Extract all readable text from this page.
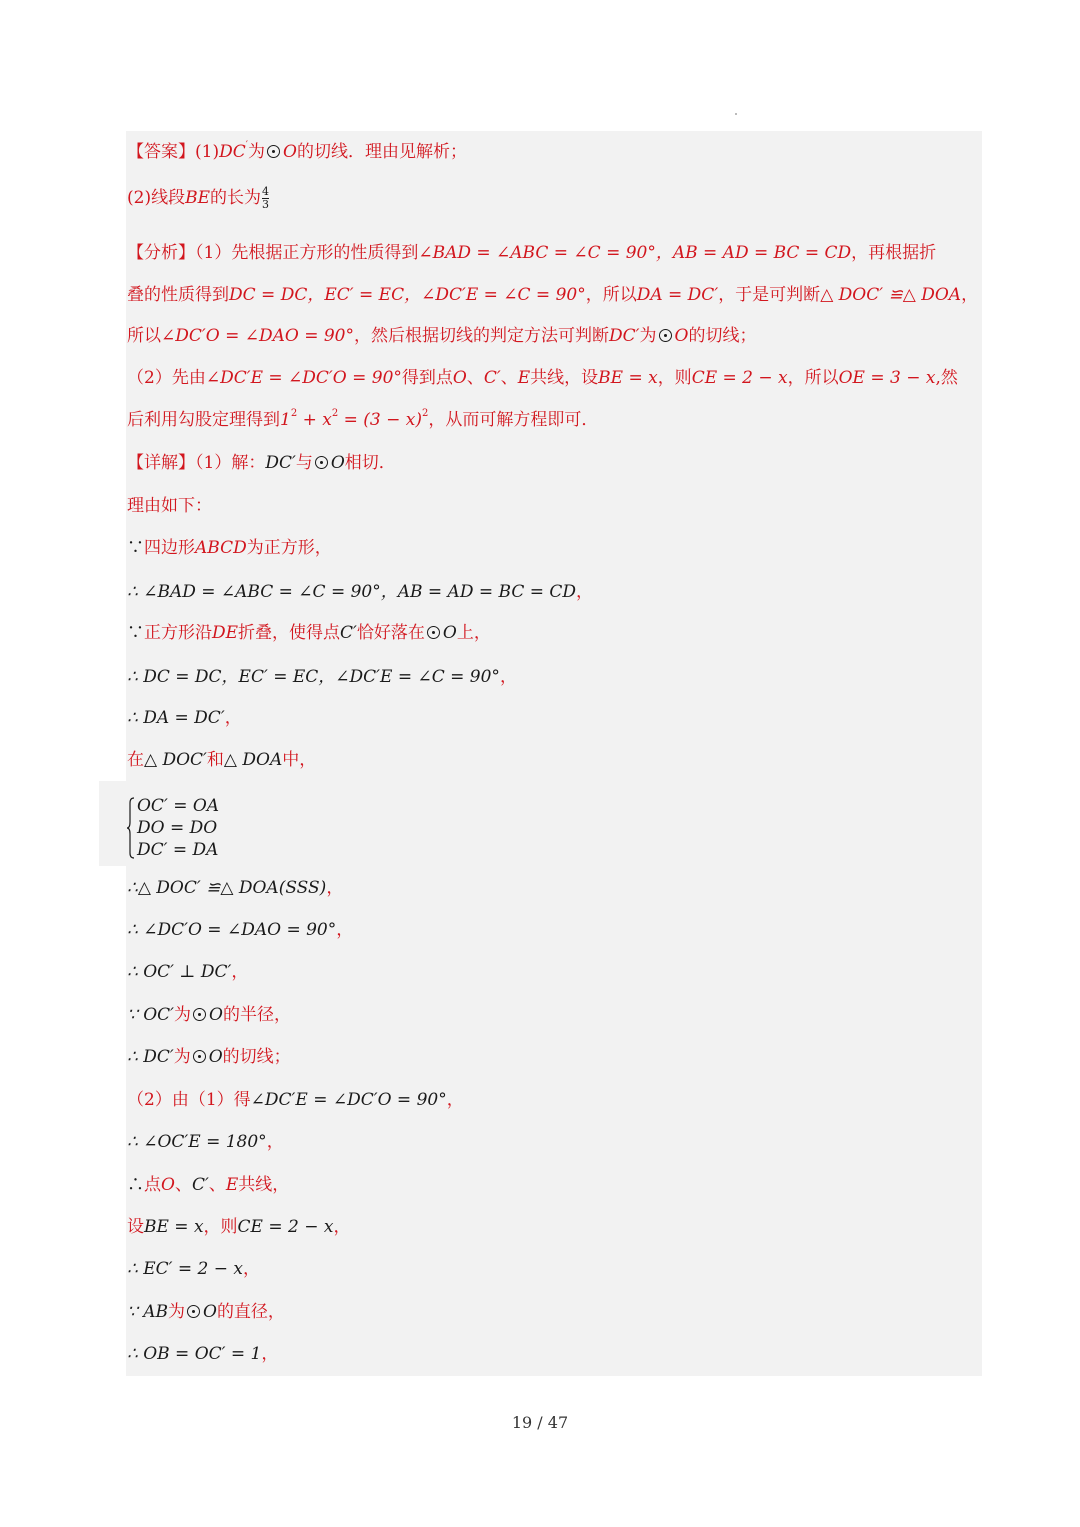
【答案】(1)DC′为 O的切线．理由见解析；
(2)线段BE的长为 $\frac{4}{3}$
【分析】（1）先根据正方形的性质得到∠BAD = ∠ABC = ∠C = 90°，AB = AD = BC = CD，再根据折
叠的性质得到DC = DC，EC′ = EC，∠DC′E = ∠C = 90°，所以DA = DC′，于是可判断△ DOC′ ≌△ DOA，
所以∠DC′O = ∠DAO = 90°，然后根据切线的判定方法可判断DC′为 O的切线；
（2）先由∠DC′E = ∠DC′O = 90°得到点O、C′、E共线，设BE = x，则CE = 2 − x，所以OE = 3 − x,然
后利用勾股定理得到$1^2 + x^2 = (3 - x)^2$，从而可解方程即可．
【详解】（1）解：DC′与 O相切．
理由如下：
∵四边形ABCD为正方形，
∴ ∠BAD = ∠ABC = ∠C = 90°，AB = AD = BC = CD，
∵正方形沿DE折叠，使得点C′恰好落在 O上，
∴ DC = DC，EC′ = EC，∠DC′E = ∠C = 90°，
∴ DA = DC′，
在△ DOC′和△ DOA中，
OC′ = OA
DO = DO
DC′ = DA
∴△ DOC′ ≌△ DOA(SSS)，
∴ ∠DC′O = ∠DAO = 90°，
∴ OC′ ⊥ DC′，
∵ OC′为 O的半径，
∴ DC′为 O的切线；
（2）由（1）得∠DC′E = ∠DC′O = 90°，
∴ ∠OC′E = 180°，
∴点O、C′、E共线，
设BE = x，则CE = 2 − x，
∴ EC′ = 2 − x，
∵ AB为 O的直径，
∴ OB = OC′ = 1，
19 / 47
